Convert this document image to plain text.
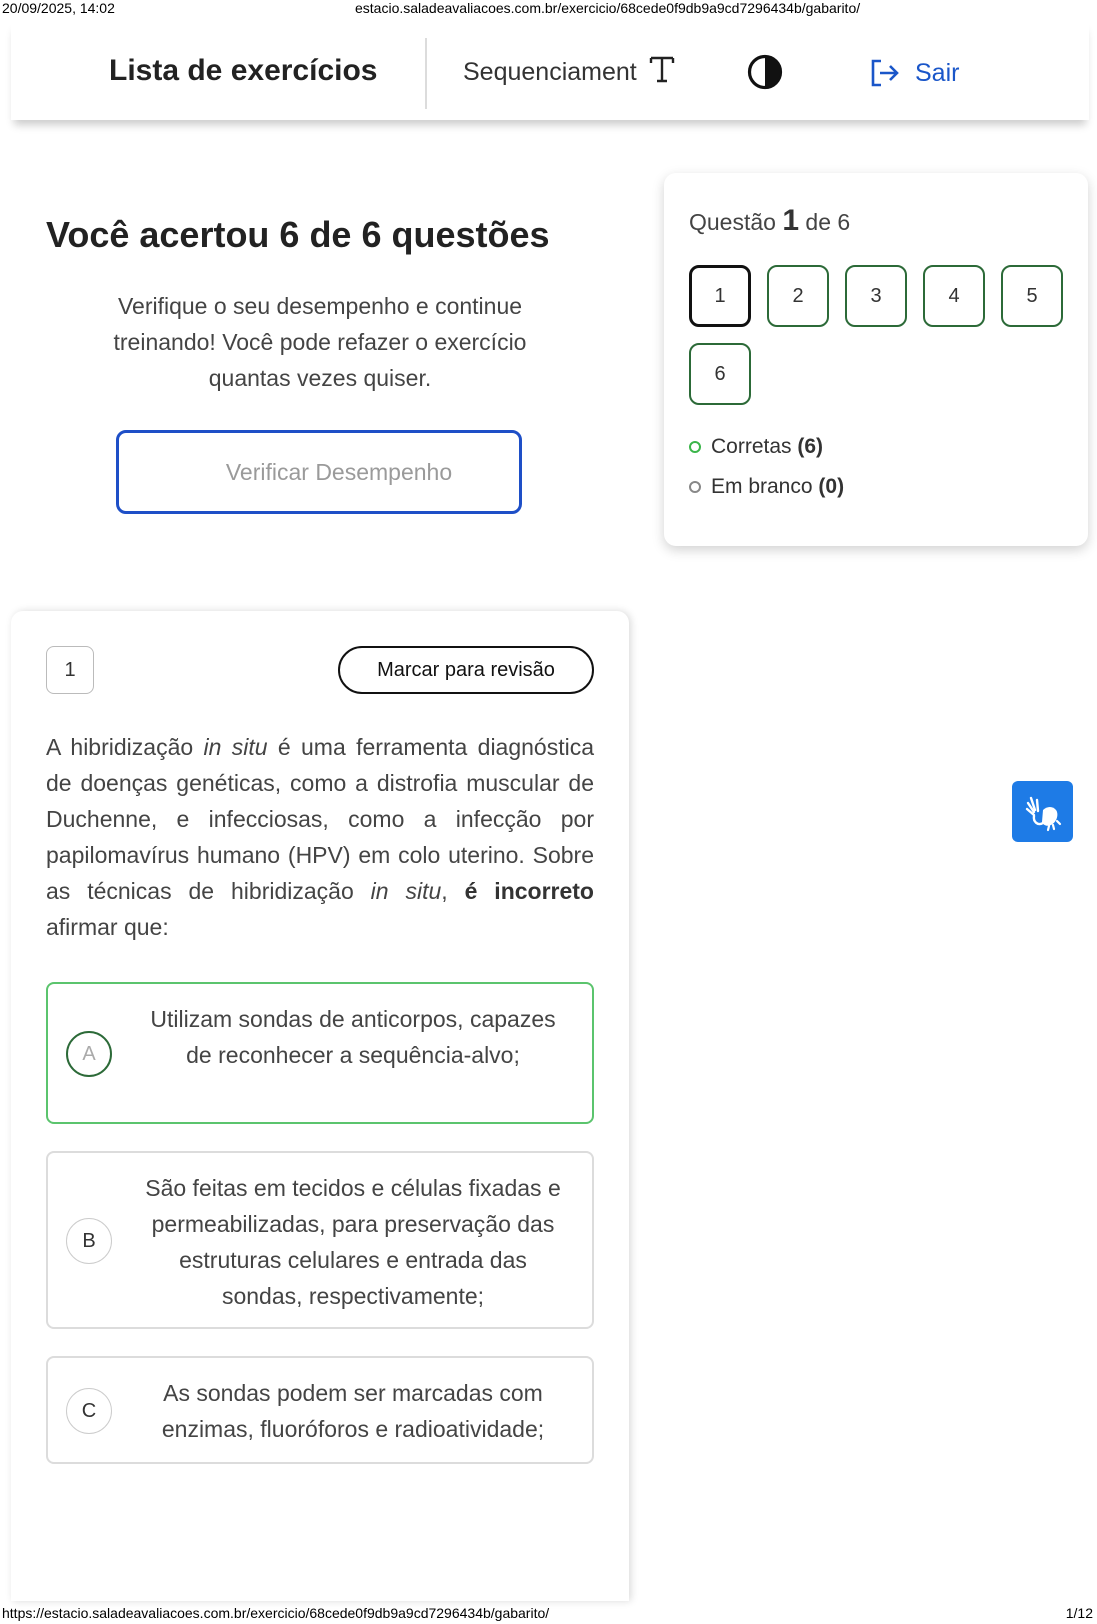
20/09/2025, 14:02	estacio.saladeavaliacoes.com.br/exercicio/68cede0f9db9a9cd7296434b/gabarito/
Lista de exercícios	Sequenciament	Sair
Você acertou 6 de 6 questões
Verifique o seu desempenho e continue treinando! Você pode refazer o exercício quantas vezes quiser.
Verificar Desempenho
Questão 1 de 6
1	2	3	4	5
6
Corretas (6)
Em branco (0)
1	Marcar para revisão
A hibridização in situ é uma ferramenta diagnóstica de doenças genéticas, como a distrofia muscular de Duchenne, e infecciosas, como a infecção por papilomavírus humano (HPV) em colo uterino. Sobre as técnicas de hibridização in situ, é incorreto afirmar que:
A
Utilizam sondas de anticorpos, capazes de reconhecer a sequência-alvo;
B
São feitas em tecidos e células fixadas e permeabilizadas, para preservação das estruturas celulares e entrada das sondas, respectivamente;
C
As sondas podem ser marcadas com enzimas, fluoróforos e radioatividade;
https://estacio.saladeavaliacoes.com.br/exercicio/68cede0f9db9a9cd7296434b/gabarito/	1/12
